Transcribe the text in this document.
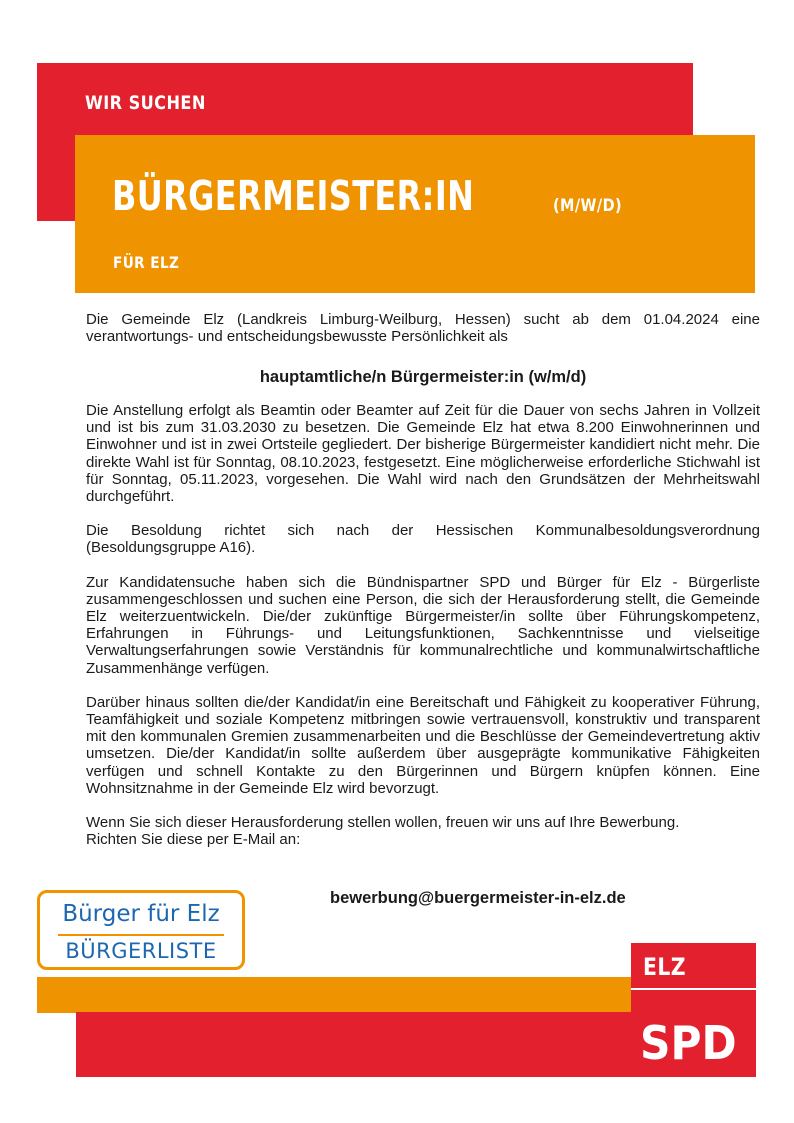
WIR SUCHEN
BÜRGERMEISTER:IN	(M/W/D)
FÜR ELZ

Die Gemeinde Elz (Landkreis Limburg-Weilburg, Hessen) sucht ab dem 01.04.2024 eine verantwortungs- und entscheidungsbewusste Persönlichkeit als

hauptamtliche/n Bürgermeister:in (w/m/d)

Die Anstellung erfolgt als Beamtin oder Beamter auf Zeit für die Dauer von sechs Jahren in Vollzeit und ist bis zum 31.03.2030 zu besetzen. Die Gemeinde Elz hat etwa 8.200 Einwohnerinnen und Einwohner und ist in zwei Ortsteile gegliedert. Der bisherige Bürgermeister kandidiert nicht mehr. Die direkte Wahl ist für Sonntag, 08.10.2023, festgesetzt. Eine möglicherweise erforderliche Stichwahl ist für Sonntag, 05.11.2023, vorgesehen. Die Wahl wird nach den Grundsätzen der Mehrheitswahl durchgeführt.

Die Besoldung richtet sich nach der Hessischen Kommunalbesoldungsverordnung (Besoldungsgruppe A16).

Zur Kandidatensuche haben sich die Bündnispartner SPD und Bürger für Elz - Bürgerliste zusammengeschlossen und suchen eine Person, die sich der Herausforderung stellt, die Gemeinde Elz weiterzuentwickeln. Die/der zukünftige Bürgermeister/in sollte über Führungskompetenz, Erfahrungen in Führungs- und Leitungsfunktionen, Sachkenntnisse und vielseitige Verwaltungserfahrungen sowie Verständnis für kommunalrechtliche und kommunalwirtschaftliche Zusammenhänge verfügen.

Darüber hinaus sollten die/der Kandidat/in eine Bereitschaft und Fähigkeit zu kooperativer Führung, Teamfähigkeit und soziale Kompetenz mitbringen sowie vertrauensvoll, konstruktiv und transparent mit den kommunalen Gremien zusammenarbeiten und die Beschlüsse der Gemeindevertretung aktiv umsetzen. Die/der Kandidat/in sollte außerdem über ausgeprägte kommunikative Fähigkeiten verfügen und schnell Kontakte zu den Bürgerinnen und Bürgern knüpfen können. Eine Wohnsitznahme in der Gemeinde Elz wird bevorzugt.

Wenn Sie sich dieser Herausforderung stellen wollen, freuen wir uns auf Ihre Bewerbung.

Richten Sie diese per E-Mail an:

bewerbung@buergermeister-in-elz.de
Bürger für Elz
BÜRGERLISTE
ELZ
SPD
